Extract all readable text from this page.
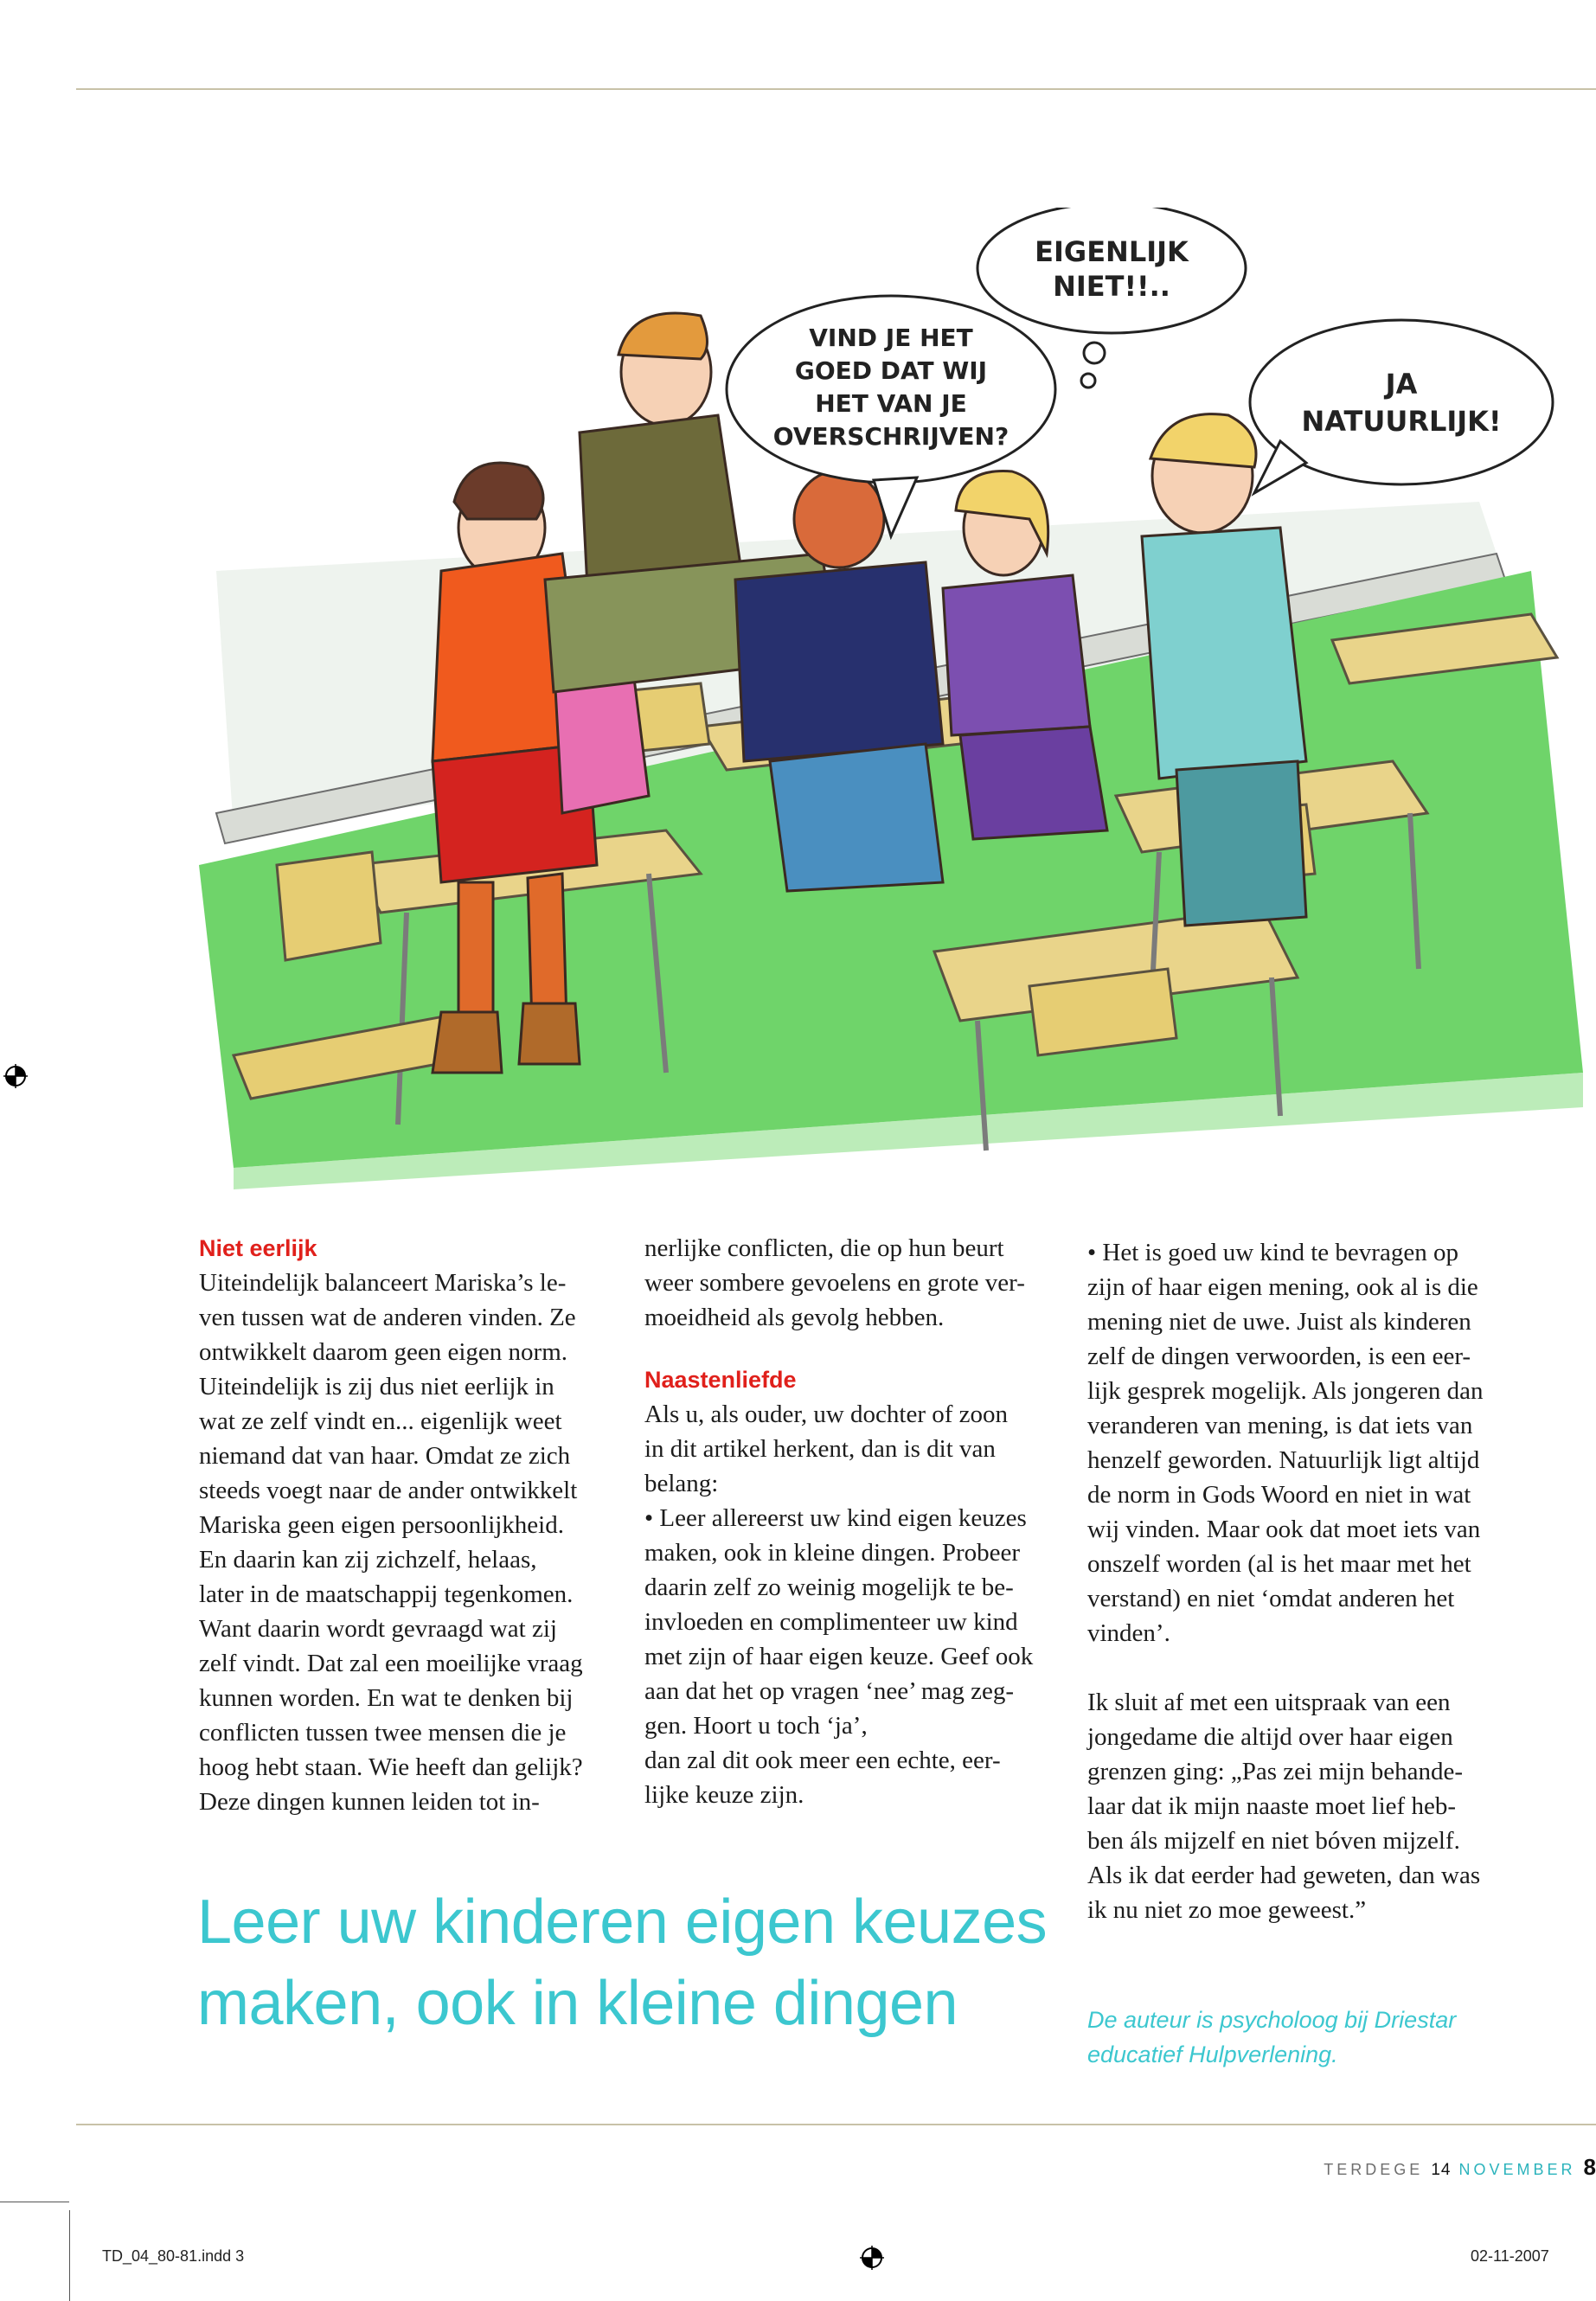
EIGENLIJK
NIET!!..
VIND JE HET
GOED DAT WIJ
HET VAN JE
OVERSCHRIJVEN?
JA
NATUURLIJK!
Niet eerlijk

Uiteindelijk balanceert Mariska’s le-

ven tussen wat de anderen vinden. Ze

ontwikkelt daarom geen eigen norm.

Uiteindelijk is zij dus niet eerlijk in

wat ze zelf vindt en... eigenlijk weet

niemand dat van haar. Omdat ze zich

steeds voegt naar de ander ontwikkelt

Mariska geen eigen persoonlijkheid.

En daarin kan zij zichzelf, helaas,

later in de maatschappij tegenkomen.

Want daarin wordt gevraagd wat zij

zelf vindt. Dat zal een moeilijke vraag

kunnen worden. En wat te denken bij

conflicten tussen twee mensen die je

hoog hebt staan. Wie heeft dan gelijk?

Deze dingen kunnen leiden tot in-

nerlijke conflicten, die op hun beurt

weer sombere gevoelens en grote ver-

moeidheid als gevolg hebben.

Naastenliefde

Als u, als ouder, uw dochter of zoon

in dit artikel herkent, dan is dit van

belang:

• Leer allereerst uw kind eigen keuzes

maken, ook in kleine dingen. Probeer

daarin zelf zo weinig mogelijk te be-

invloeden en complimenteer uw kind

met zijn of haar eigen keuze. Geef ook

aan dat het op vragen ‘nee’ mag zeg-

gen. Hoort u toch ‘ja’,

dan zal dit ook meer een echte, eer-

lijke keuze zijn.

• Het is goed uw kind te bevragen op

zijn of haar eigen mening, ook al is die

mening niet de uwe. Juist als kinderen

zelf de dingen verwoorden, is een eer-

lijk gesprek mogelijk. Als jongeren dan

veranderen van mening, is dat iets van

henzelf geworden. Natuurlijk ligt altijd

de norm in Gods Woord en niet in wat

wij vinden. Maar ook dat moet iets van

onszelf worden (al is het maar met het

verstand) en niet ‘omdat anderen het

vinden’.

Ik sluit af met een uitspraak van een

jongedame die altijd over haar eigen

grenzen ging: „Pas zei mijn behande-

laar dat ik mijn naaste moet lief heb-

ben áls mijzelf en niet bóven mijzelf.

Als ik dat eerder had geweten, dan was

ik nu niet zo moe geweest.”

Leer uw kinderen eigen keuzes
maken, ook in kleine dingen	De auteur is psycholoog bij Driestar
educatief Hulpverlening.
TERDEGE 14 NOVEMBER 8
TD_04_80-81.indd 3	02-11-2007
